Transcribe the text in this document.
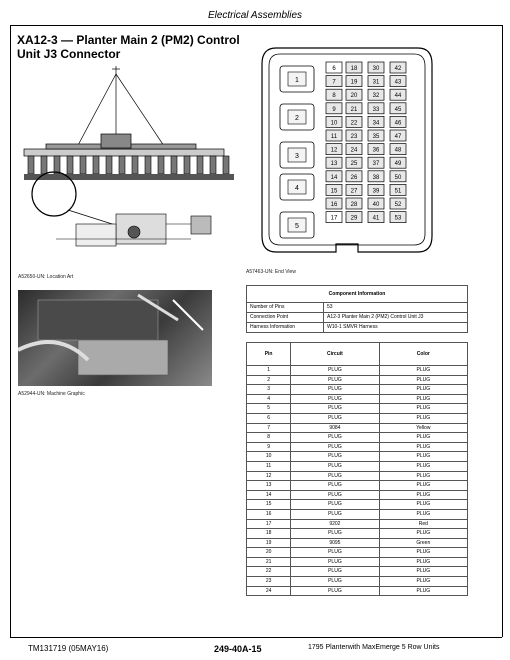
Electrical Assemblies
XA12-3 — Planter Main 2 (PM2) Control Unit J3 Connector
A52650-UN: Location Art
A52944-UN: Machine Graphic
1
2
3
4
5
6 18	30	42
7 19	31	43
8 20	32	44
9 21	33	45
10 22	34	46
11 23	35	47
12 24	36	48
13 25	37	49
14 26	38	50
15 27	39	51
16 28	40	52
17 29	41	53
A57463-UN: End View
Component Information	
Number of Pins	53
Connection Point	A12-3 Planter Main 2 (PM2) Control Unit J3
Harness Information	W10-1 SMVR Harness
Pin	Circuit	Color
1	PLUG	PLUG
2	PLUG	PLUG
3	PLUG	PLUG
4	PLUG	PLUG
5	PLUG	PLUG
6	PLUG	PLUG
7	9084	Yellow
8	PLUG	PLUG
9	PLUG	PLUG
10	PLUG	PLUG
11	PLUG	PLUG
12	PLUG	PLUG
13	PLUG	PLUG
14	PLUG	PLUG
15	PLUG	PLUG
16	PLUG	PLUG
17	9202	Red
18	PLUG	PLUG
19	9095	Green
20	PLUG	PLUG
21	PLUG	PLUG
22	PLUG	PLUG
23	PLUG	PLUG
24	PLUG	PLUG
TM131719 (05MAY16)	249-40A-15	1795 Planterwith MaxEmerge 5 Row Units
